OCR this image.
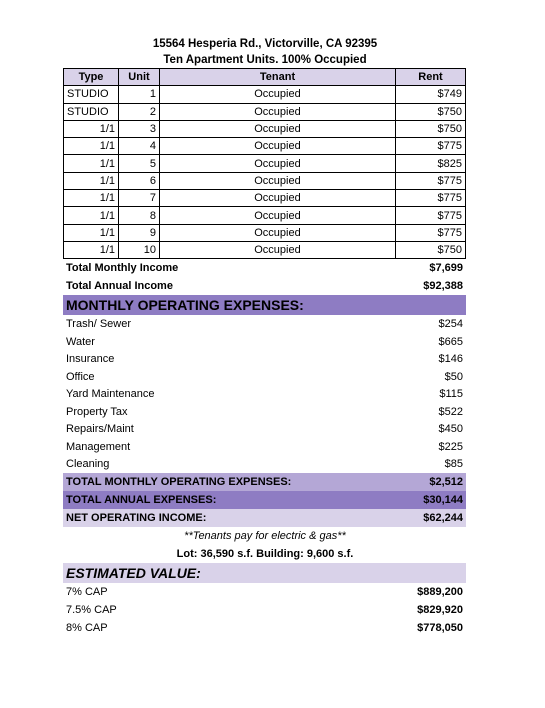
15564 Hesperia Rd., Victorville, CA 92395
Ten Apartment Units. 100% Occupied
Type	Unit	Tenant	Rent
STUDIO	1	Occupied	$749
STUDIO	2	Occupied	$750
1/1	3	Occupied	$750
1/1	4	Occupied	$775
1/1	5	Occupied	$825
1/1	6	Occupied	$775
1/1	7	Occupied	$775
1/1	8	Occupied	$775
1/1	9	Occupied	$775
1/1	10	Occupied	$750
Total Monthly Income	$7,699
Total Annual Income	$92,388
MONTHLY OPERATING EXPENSES:
Trash/ Sewer	$254
Water	$665
Insurance	$146
Office	$50
Yard Maintenance	$115
Property Tax	$522
Repairs/Maint	$450
Management	$225
Cleaning	$85
TOTAL MONTHLY OPERATING EXPENSES:	$2,512
TOTAL ANNUAL EXPENSES:	$30,144
NET OPERATING INCOME:	$62,244
**Tenants pay for electric & gas**
Lot: 36,590 s.f. Building: 9,600 s.f.
ESTIMATED VALUE:
7% CAP	$889,200
7.5% CAP	$829,920
8% CAP	$778,050
